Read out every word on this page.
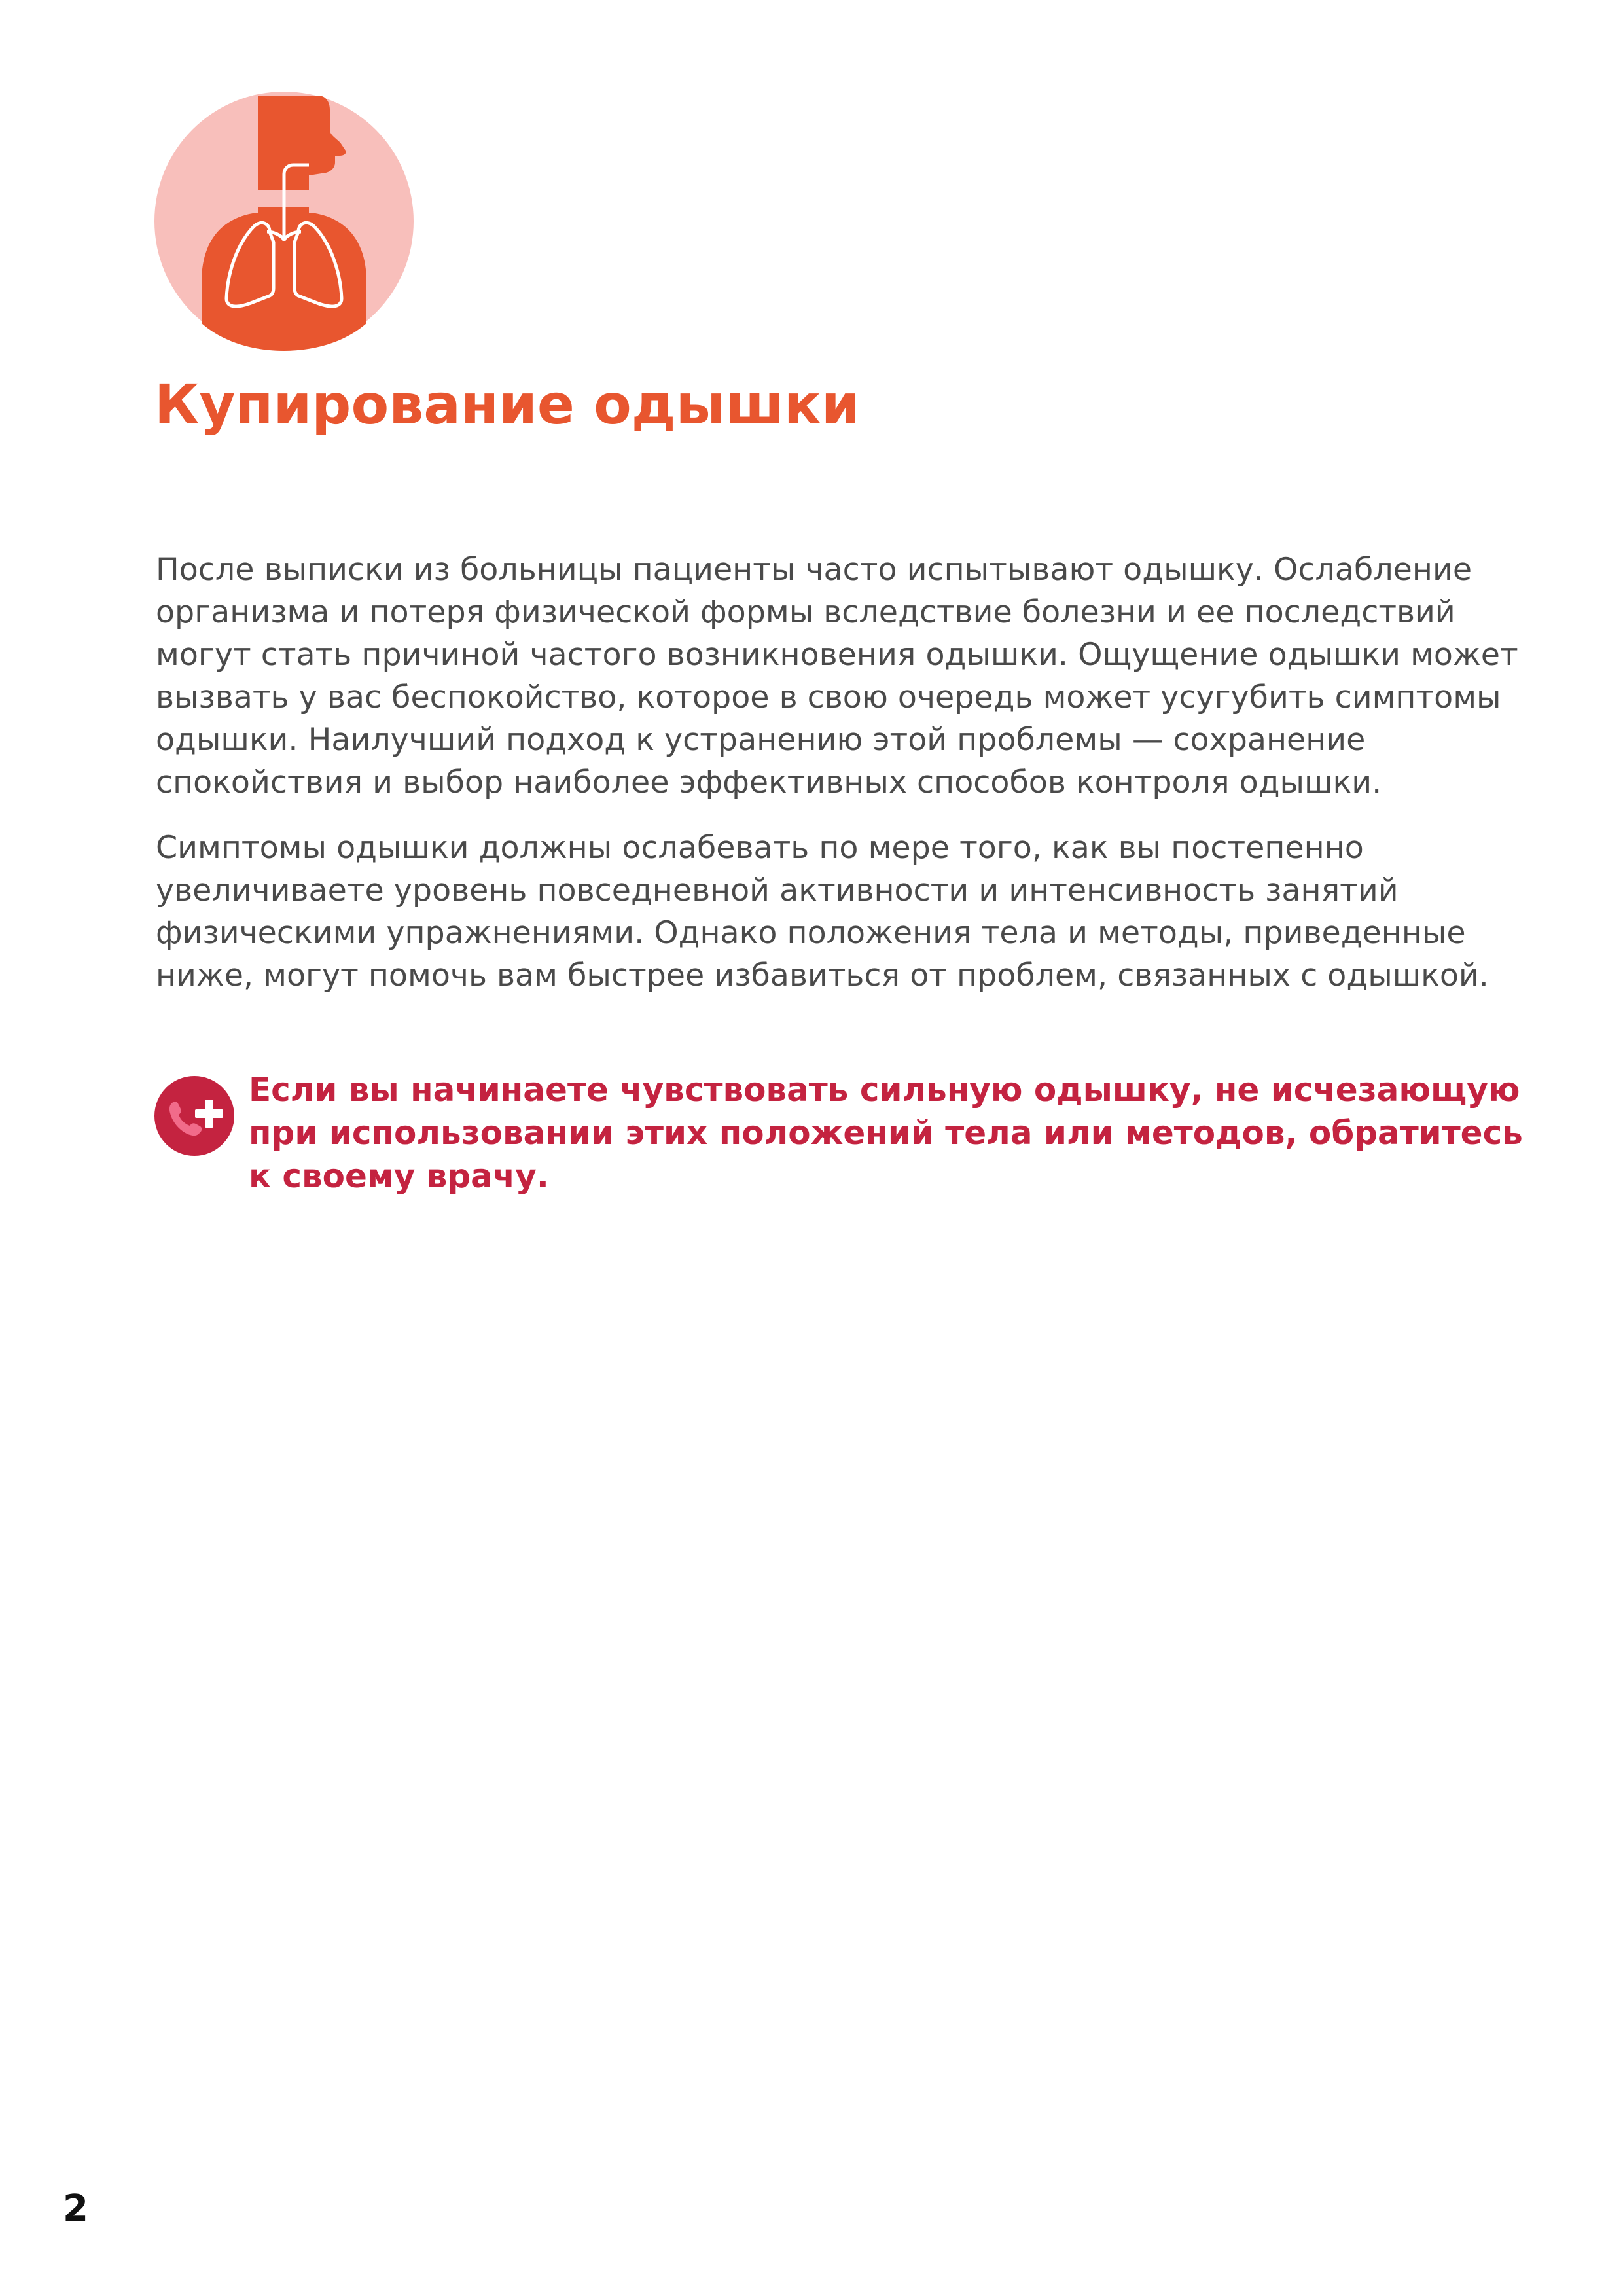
Купирование одышки

После выписки из больницы пациенты часто испытывают одышку. Ослабление
организма и потеря физической формы вследствие болезни и ее последствий
могут стать причиной частого возникновения одышки. Ощущение одышки может
вызвать у вас беспокойство, которое в свою очередь может усугубить симптомы
одышки. Наилучший подход к устранению этой проблемы — сохранение
спокойствия и выбор наиболее эффективных способов контроля одышки.

Симптомы одышки должны ослабевать по мере того, как вы постепенно
увеличиваете уровень повседневной активности и интенсивность занятий
физическими упражнениями. Однако положения тела и методы, приведенные
ниже, могут помочь вам быстрее избавиться от проблем, связанных с одышкой.

Если вы начинаете чувствовать сильную одышку, не исчезающую
при использовании этих положений тела или методов, обратитесь
к своему врачу.
2
